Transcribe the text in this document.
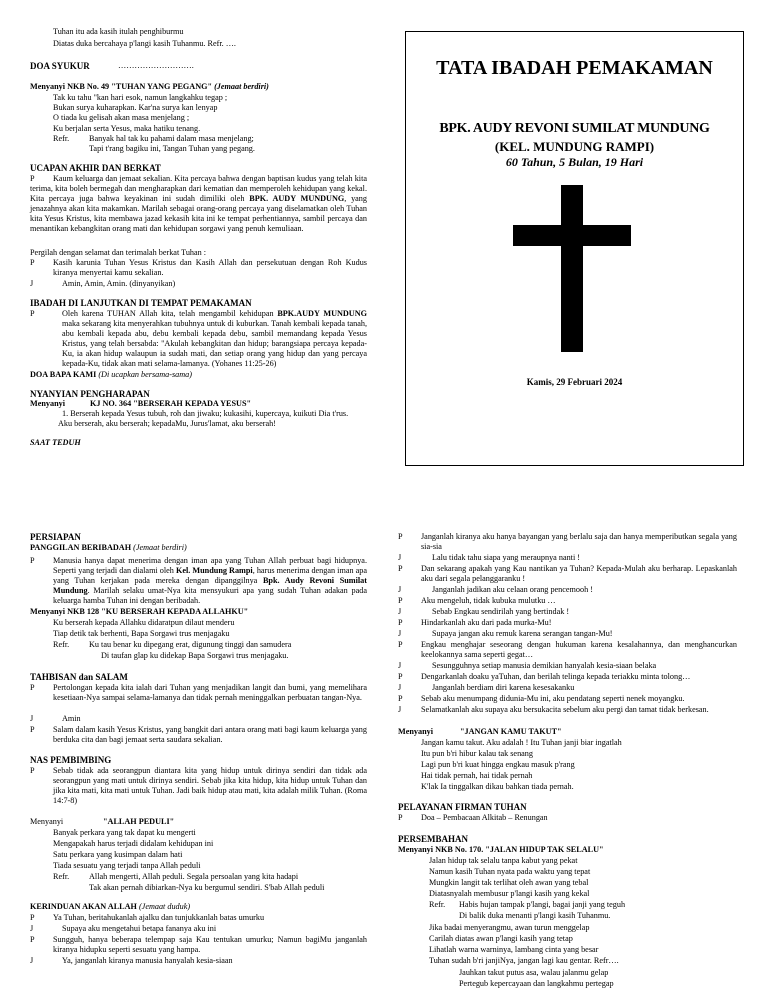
Tuhan itu ada kasih itulah penghiburmu
Diatas duka bercahaya p'langi kasih Tuhanmu. Refr. ….
DOA SYUKUR	……………………….
Menyanyi NKB No. 49 "TUHAN YANG PEGANG" (Jemaat berdiri)
Tak ku tahu "kan hari esok, namun langkahku tegap ;
Bukan surya kuharapkan. Kar'na surya kan lenyap
O tiada ku gelisah akan masa menjelang ;
Ku berjalan serta Yesus, maka hatiku tenang.
Refr. Banyak hal tak ku pahami dalam masa menjelang;
Tapi t'rang bagiku ini, Tangan Tuhan yang pegang.
UCAPAN AKHIR DAN BERKAT
P	Kaum keluarga dan jemaat sekalian. Kita percaya bahwa dengan baptisan kudus yang telah kita terima, kita boleh bermegah dan mengharapkan dari kematian dan memperoleh kehidupan yang kekal. Kita percaya juga bahwa keyakinan ini sudah dimiliki oleh BPK. AUDY MUNDUNG, yang jenazahnya akan kita makamkan. Marilah sebagai orang-orang percaya yang diselamatkan oleh Tuhan kita Yesus Kristus, kita membawa jazad kekasih kita ini ke tempat perhentiannya, sambil percaya dan menantikan kebangkitan orang mati dan kehidupan sorgawi yang penuh kemuliaan.
Pergilah dengan selamat dan terimalah berkat Tuhan :
P Kasih karunia Tuhan Yesus Kristus dan Kasih Allah dan persekutuan dengan Roh Kudus kiranya menyertai kamu sekalian.
J	Amin, Amin, Amin. (dinyanyikan)
IBADAH DI LANJUTKAN DI TEMPAT PEMAKAMAN
P	Oleh karena TUHAN Allah kita, telah mengambil kehidupan BPK.AUDY MUNDUNG maka sekarang kita menyerahkan tubuhnya untuk di kuburkan. Tanah kembali kepada tanah, abu kembali kepada abu, debu kembali kepada debu, sambil memandang kepada Yesus Kristus, yang telah bersabda: "Akulah kebangkitan dan hidup; barangsiapa percaya kepada-Ku, ia akan hidup walaupun ia sudah mati, dan setiap orang yang hidup dan yang percaya kepada-Ku, tidak akan mati selama-lamanya. (Yohanes 11:25-26)
DOA BAPA KAMI (Di ucapkan bersama-sama)
NYANYIAN PENGHARAPAN
Menyanyi	KJ NO. 364 "BERSERAH KEPADA YESUS"
1. Berserah kepada Yesus tubuh, roh dan jiwaku; kukasihi, kupercaya, kuikuti Dia t'rus.
Aku berserah, aku berserah; kepadaMu, Jurus'lamat, aku berserah!
SAAT TEDUH
TATA IBADAH PEMAKAMAN
BPK. AUDY REVONI SUMILAT MUNDUNG
(KEL. MUNDUNG RAMPI)
60 Tahun, 5 Bulan, 19 Hari
Kamis, 29 Februari 2024
PERSIAPAN
PANGGILAN BERIBADAH (Jemaat berdiri)
P Manusia hanya dapat menerima dengan iman apa yang Tuhan Allah perbuat bagi hidupnya. Seperti yang terjadi dan dialami oleh Kel. Mundung Rampi, harus menerima dengan iman apa yang Tuhan kerjakan pada mereka dengan dipanggilnya Bpk. Audy Revoni Sumilat Mundung. Marilah selaku umat-Nya kita mensyukuri apa yang sudah Tuhan adakan pada keluarga hamba Tuhan ini dengan beribadah.
Menyanyi NKB 128 "KU BERSERAH KEPADA ALLAHKU"
Ku berserah kepada Allahku didaratpun dilaut menderu
Tiap detik tak berhenti, Bapa Sorgawi trus menjagaku
Refr. Ku tau benar ku dipegang erat, digunung tinggi dan samudera
Di taufan glap ku didekap Bapa Sorgawi trus menjagaku.
TAHBISAN dan SALAM
P Pertolongan kepada kita ialah dari Tuhan yang menjadikan langit dan bumi, yang memelihara kesetiaan-Nya sampai selama-lamanya dan tidak pernah meninggalkan perbuatan tangan-Nya.
J	Amin
P Salam dalam kasih Yesus Kristus, yang bangkit dari antara orang mati bagi kaum keluarga yang berduka cita dan bagi jemaat serta saudara sekalian.
NAS PEMBIMBING
P Sebab tidak ada seorangpun diantara kita yang hidup untuk dirinya sendiri dan tidak ada seorangpun yang mati untuk dirinya sendiri. Sebab jika kita hidup, kita hidup untuk Tuhan dan jika kita mati, kita mati untuk Tuhan. Jadi baik hidup atau mati, kita adalah milik Tuhan. (Roma 14:7-8)
Menyanyi	"ALLAH PEDULI"
Banyak perkara yang tak dapat ku mengerti
Mengapakah harus terjadi didalam kehidupan ini
Satu perkara yang kusimpan dalam hati
Tiada sesuatu yang terjadi tanpa Allah peduli
Refr. Allah mengerti, Allah peduli. Segala persoalan yang kita hadapi
Tak akan pernah dibiarkan-Nya ku bergumul sendiri. S'bab Allah peduli
KERINDUAN AKAN ALLAH (Jemaat duduk)
P Ya Tuhan, beritahukanlah ajalku dan tunjukkanlah batas umurku
J	Supaya aku mengetahui betapa fananya aku ini
P Sungguh, hanya beberapa telempap saja Kau tentukan umurku; Namun bagiMu janganlah kiranya hidupku seperti sesuatu yang hampa.
J	Ya, janganlah kiranya manusia hanyalah kesia-siaan
P Janganlah kiranya aku hanya bayangan yang berlalu saja dan hanya mempeributkan segala yang sia-sia
J	Lalu tidak tahu siapa yang meraupnya nanti !
P Dan sekarang apakah yang Kau nantikan ya Tuhan? Kepada-Mulah aku berharap. Lepaskanlah aku dari segala pelanggaranku !
J	Janganlah jadikan aku celaan orang pencemooh !
P Aku mengeluh, tidak kubuka mulutku …
J	Sebab Engkau sendirilah yang bertindak !
P Hindarkanlah aku dari pada murka-Mu!
J	Supaya jangan aku remuk karena serangan tangan-Mu!
P Engkau menghajar seseorang dengan hukuman karena kesalahannya, dan menghancurkan keelokannya sama seperti gegat…
J	Sesungguhnya setiap manusia demikian hanyalah kesia-siaan belaka
P Dengarkanlah doaku yaTuhan, dan berilah telinga kepada teriakku minta tolong…
J	Janganlah berdiam diri karena kesesakanku
P Sebab aku menumpang didunia-Mu ini, aku pendatang seperti nenek moyangku.
J Selamatkanlah aku supaya aku bersukacita sebelum aku pergi dan tamat tidak berkesan.
Menyanyi	"JANGAN KAMU TAKUT"
Jangan kamu takut. Aku adalah ! Itu Tuhan janji biar ingatlah
Itu pun b'ri hibur kalau tak senang
Lagi pun b'ri kuat hingga engkau masuk p'rang
Hai tidak pernah, hai tidak pernah
K'lak Ia tinggalkan dikau bahkan tiada pernah.
PELAYANAN FIRMAN TUHAN
P Doa – Pembacaan Alkitab – Renungan
PERSEMBAHAN
Menyanyi NKB No. 170. "JALAN HIDUP TAK SELALU"
Jalan hidup tak selalu tanpa kabut yang pekat
Namun kasih Tuhan nyata pada waktu yang tepat
Mungkin langit tak terlihat oleh awan yang tebal
Diatasnyalah membusur p'langi kasih yang kekal
Refr. Habis hujan tampak p'langi, bagai janji yang teguh
Di balik duka menanti p'langi kasih Tuhanmu.
Jika badai menyerangmu, awan turun menggelap
Carilah diatas awan p'langi kasih yang tetap
Lihatlah warna warninya, lambang cinta yang besar
Tuhan sudah b'ri janjiNya, jangan lagi kau gentar. Refr….
Jauhkan takut putus asa, walau jalanmu gelap
Pertegub kepercayaan dan langkahmu pertegap
